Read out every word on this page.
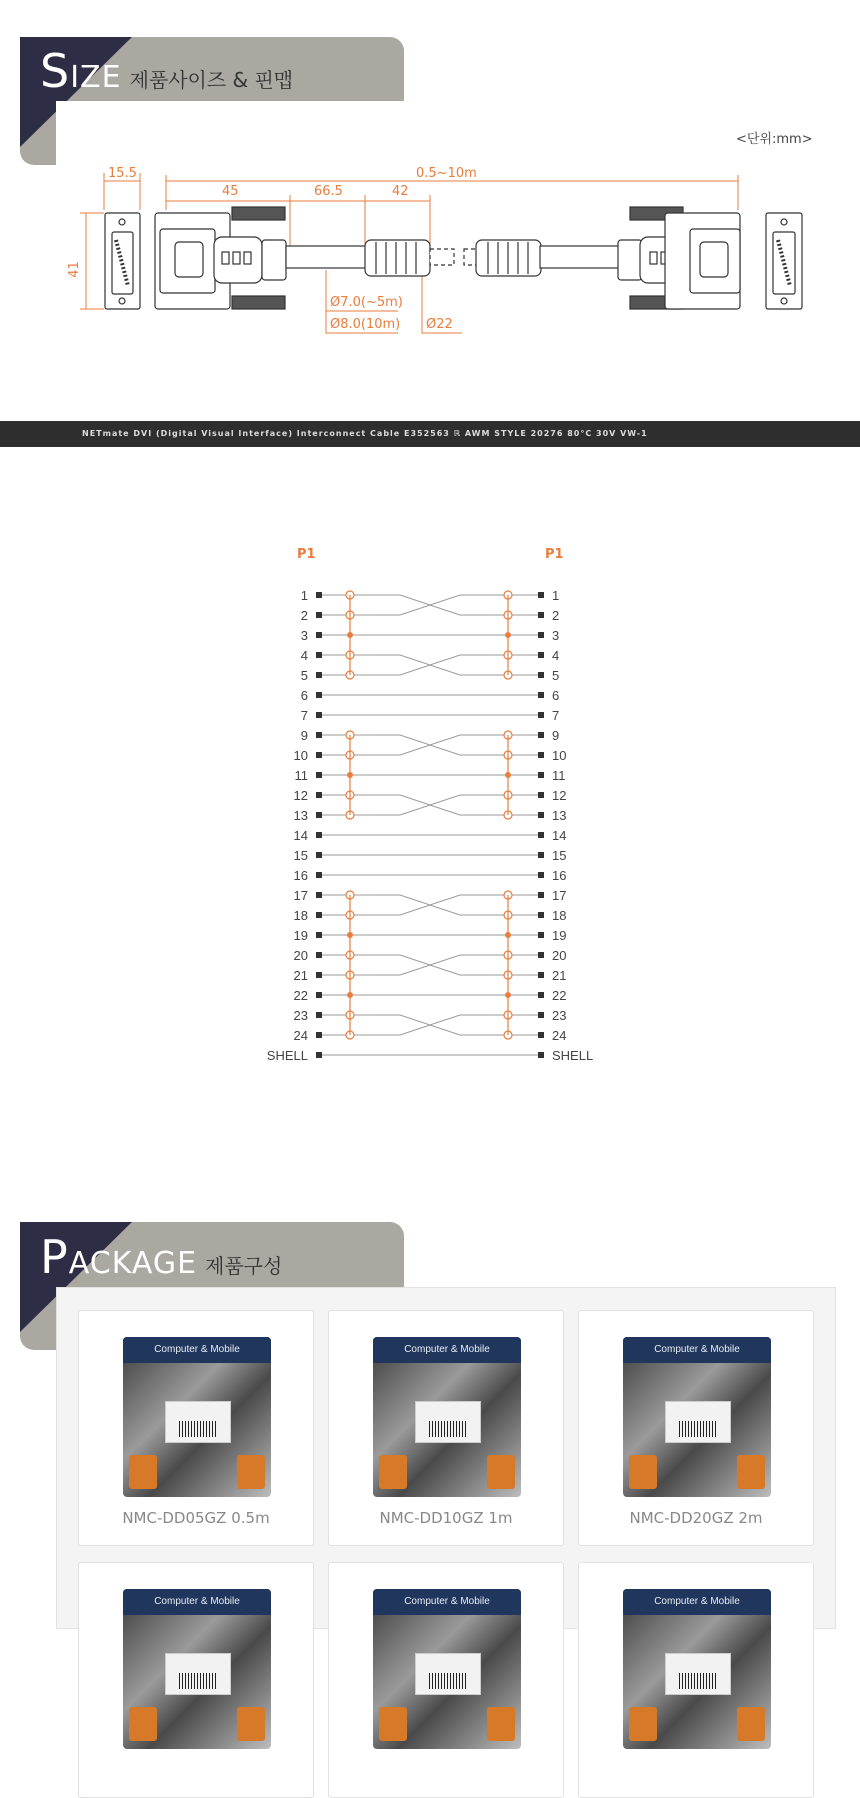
SIZE 제품사이즈 & 핀맵
<단위:mm>
15.5	0.5~10m
45	66.5	42
41
Ø7.0(~5m)
Ø8.0(10m) Ø22
NETmate DVI (Digital Visual Interface) Interconnect Cable E352563 ℝ AWM STYLE 20276 80°C 30V VW-1
P1	P1
1	1
2	2
3	3
4	4
5	5
6	6
7	7
9	9
10	10
11	11
12	12
13	13
14	14
15	15
16	16
17	17
18	18
19	19
20	20
21	21
22	22
23	23
24	24
SHELL	SHELL
PACKAGE 제품구성
Computer & Mobile
NMC-DD05GZ 0.5m
Computer & Mobile
NMC-DD10GZ 1m
Computer & Mobile
NMC-DD20GZ 2m
Computer & Mobile	Computer & Mobile	Computer & Mobile
